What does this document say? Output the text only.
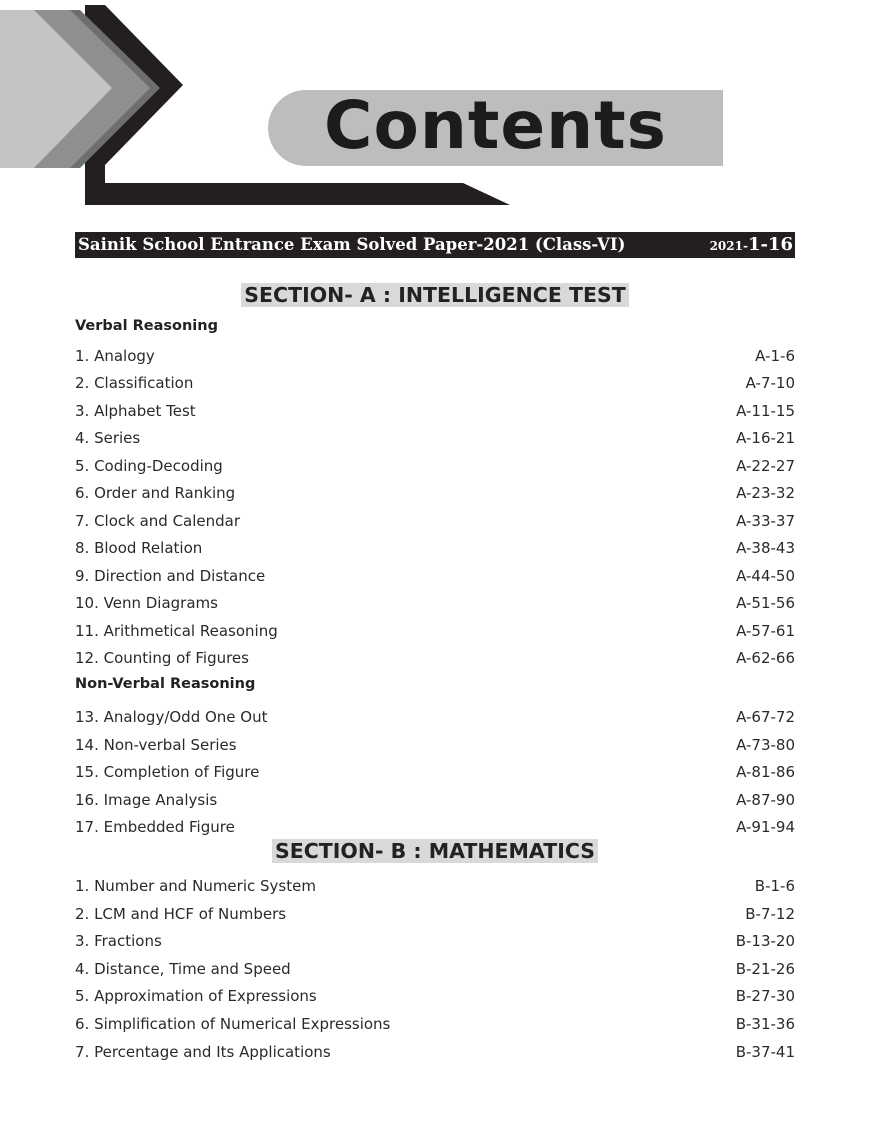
Contents
Sainik School Entrance Exam Solved Paper-2021 (Class-VI)	2021-1-16
SECTION- A : INTELLIGENCE TEST
Verbal Reasoning
1. Analogy	A-1-6
2. Classification	A-7-10
3. Alphabet Test	A-11-15
4. Series	A-16-21
5. Coding-Decoding	A-22-27
6. Order and Ranking	A-23-32
7. Clock and Calendar	A-33-37
8. Blood Relation	A-38-43
9. Direction and Distance	A-44-50
10. Venn Diagrams	A-51-56
11. Arithmetical Reasoning	A-57-61
12. Counting of Figures	A-62-66
Non-Verbal Reasoning
13. Analogy/Odd One Out	A-67-72
14. Non-verbal Series	A-73-80
15. Completion of Figure	A-81-86
16. Image Analysis	A-87-90
17. Embedded Figure	A-91-94
SECTION- B : MATHEMATICS
1. Number and Numeric System	B-1-6
2. LCM and HCF of Numbers	B-7-12
3. Fractions	B-13-20
4. Distance, Time and Speed	B-21-26
5. Approximation of Expressions	B-27-30
6. Simplification of Numerical Expressions	B-31-36
7. Percentage and Its Applications	B-37-41
